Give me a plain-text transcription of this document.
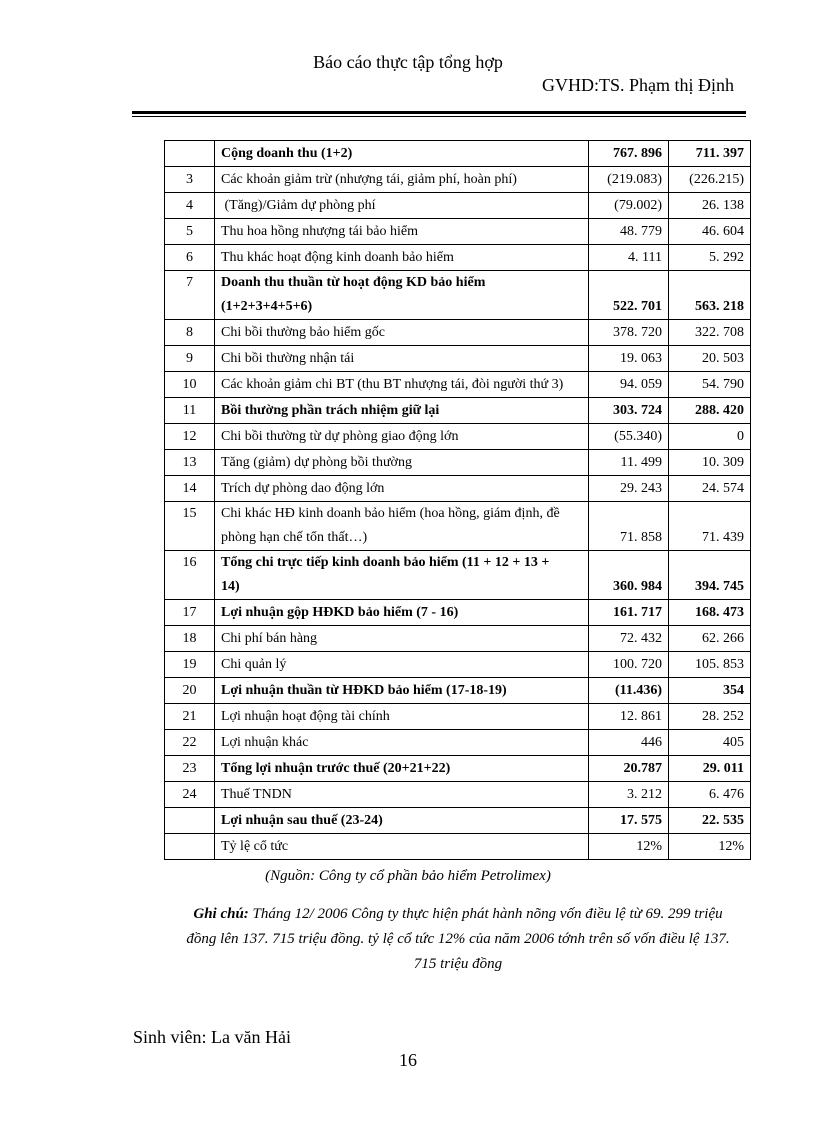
Báo cáo thực tập tổng hợp
GVHD:TS. Phạm thị Định
	Cộng doanh thu (1+2)	767. 896	711. 397
3	Các khoản giảm trừ (nhượng tái, giảm phí, hoàn phí)	(219.083)	(226.215)
4	(Tăng)/Giảm dự phòng phí	(79.002)	26. 138
5	Thu hoa hồng nhượng tái bảo hiểm	48. 779	46. 604
6	Thu khác hoạt động kinh doanh bảo hiểm	4. 111	5. 292
7	Doanh thu thuần từ hoạt động KD bảo hiểm
(1+2+3+4+5+6)	522. 701	563. 218
8	Chi bồi thường bảo hiểm gốc	378. 720	322. 708
9	Chi bồi thường nhận tái	19. 063	20. 503
10	Các khoản giảm chi BT (thu BT nhượng tái, đòi người thứ 3)	94. 059	54. 790
11	Bồi thường phần trách nhiệm giữ lại	303. 724	288. 420
12	Chi bồi thường từ dự phòng giao động lớn	(55.340)	0
13	Tăng (giảm) dự phòng bồi thường	11. 499	10. 309
14	Trích dự phòng dao động lớn	29. 243	24. 574
15	Chi khác HĐ kinh doanh bảo hiểm (hoa hồng, giám định, đề
phòng hạn chế tổn thất…)	71. 858	71. 439
16	Tổng chi trực tiếp kinh doanh bảo hiểm (11 + 12 + 13 +
14)	360. 984	394. 745
17	Lợi nhuận gộp HĐKD bảo hiểm (7 - 16)	161. 717	168. 473
18	Chi phí bán hàng	72. 432	62. 266
19	Chi quản lý	100. 720	105. 853
20	Lợi nhuận thuần từ HĐKD bảo hiểm (17-18-19)	(11.436)	354
21	Lợi nhuận hoạt động tài chính	12. 861	28. 252
22	Lợi nhuận khác	446	405
23	Tổng lợi nhuận trước thuế (20+21+22)	20.787	29. 011
24	Thuế TNDN	3. 212	6. 476
	Lợi nhuận sau thuế (23-24)	17. 575	22. 535
	Tỷ lệ cổ tức	12%	12%
(Nguồn: Công ty cổ phần bảo hiểm Petrolimex)
Ghi chú: Tháng 12/ 2006 Công ty thực hiện phát hành nõng vốn điều lệ từ 69. 299 triệu
đồng lên 137. 715 triệu đồng. tỷ lệ cổ tức 12% của năm 2006 tớnh trên số vốn điều lệ 137.
715 triệu đồng
Sinh viên: La văn Hải
16
